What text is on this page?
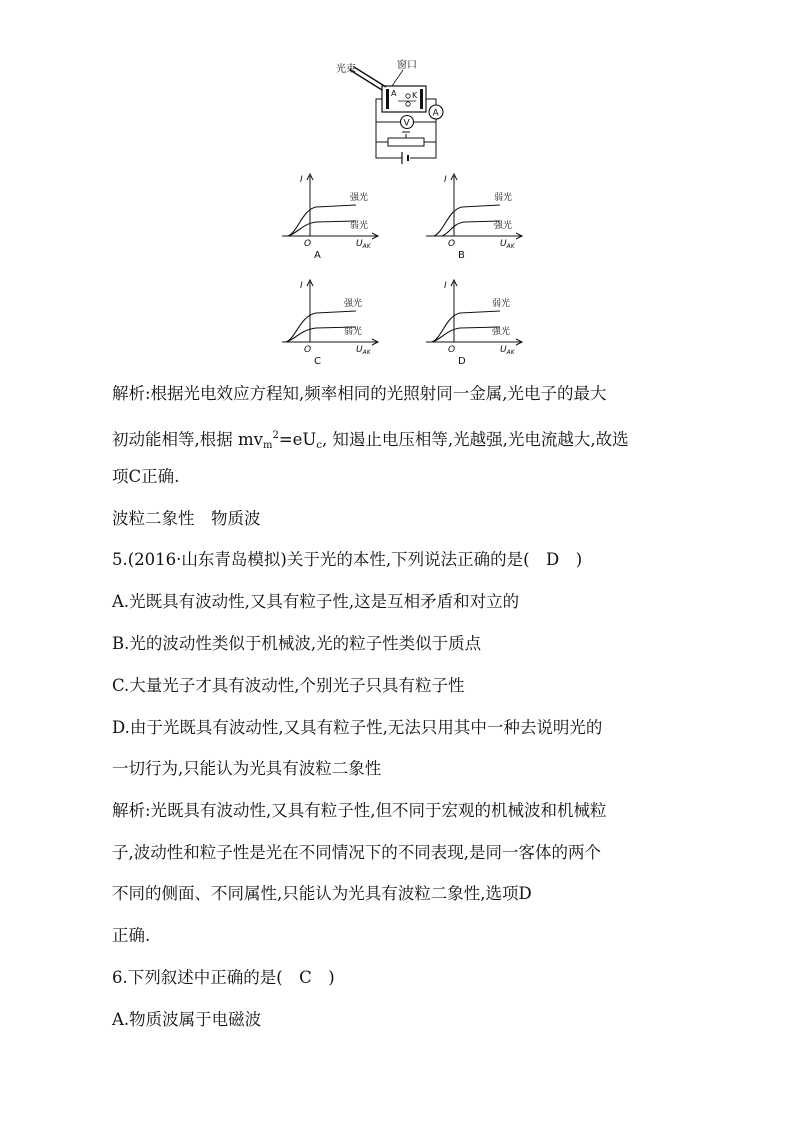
光束	窗口
A K
A
V
I
O	$U_{AK}$
强光
弱光
A
I
O	$U_{AK}$
弱光
强光
B
I
O	$U_{AK}$
强光
弱光
C
I
O	$U_{AK}$
弱光
强光
D
解析:根据光电效应方程知,频率相同的光照射同一金属,光电子的最大
初动能相等,根据 $mv_m^2=eU_c$, 知遏止电压相等,光越强,光电流越大,故选
项C正确.
波粒二象性　物质波
5.(2016·山东青岛模拟)关于光的本性,下列说法正确的是(　D　)
A.光既具有波动性,又具有粒子性,这是互相矛盾和对立的
B.光的波动性类似于机械波,光的粒子性类似于质点
C.大量光子才具有波动性,个别光子只具有粒子性
D.由于光既具有波动性,又具有粒子性,无法只用其中一种去说明光的
一切行为,只能认为光具有波粒二象性
解析:光既具有波动性,又具有粒子性,但不同于宏观的机械波和机械粒
子,波动性和粒子性是光在不同情况下的不同表现,是同一客体的两个
不同的侧面、不同属性,只能认为光具有波粒二象性,选项D
正确.
6.下列叙述中正确的是(　C　)
A.物质波属于电磁波
